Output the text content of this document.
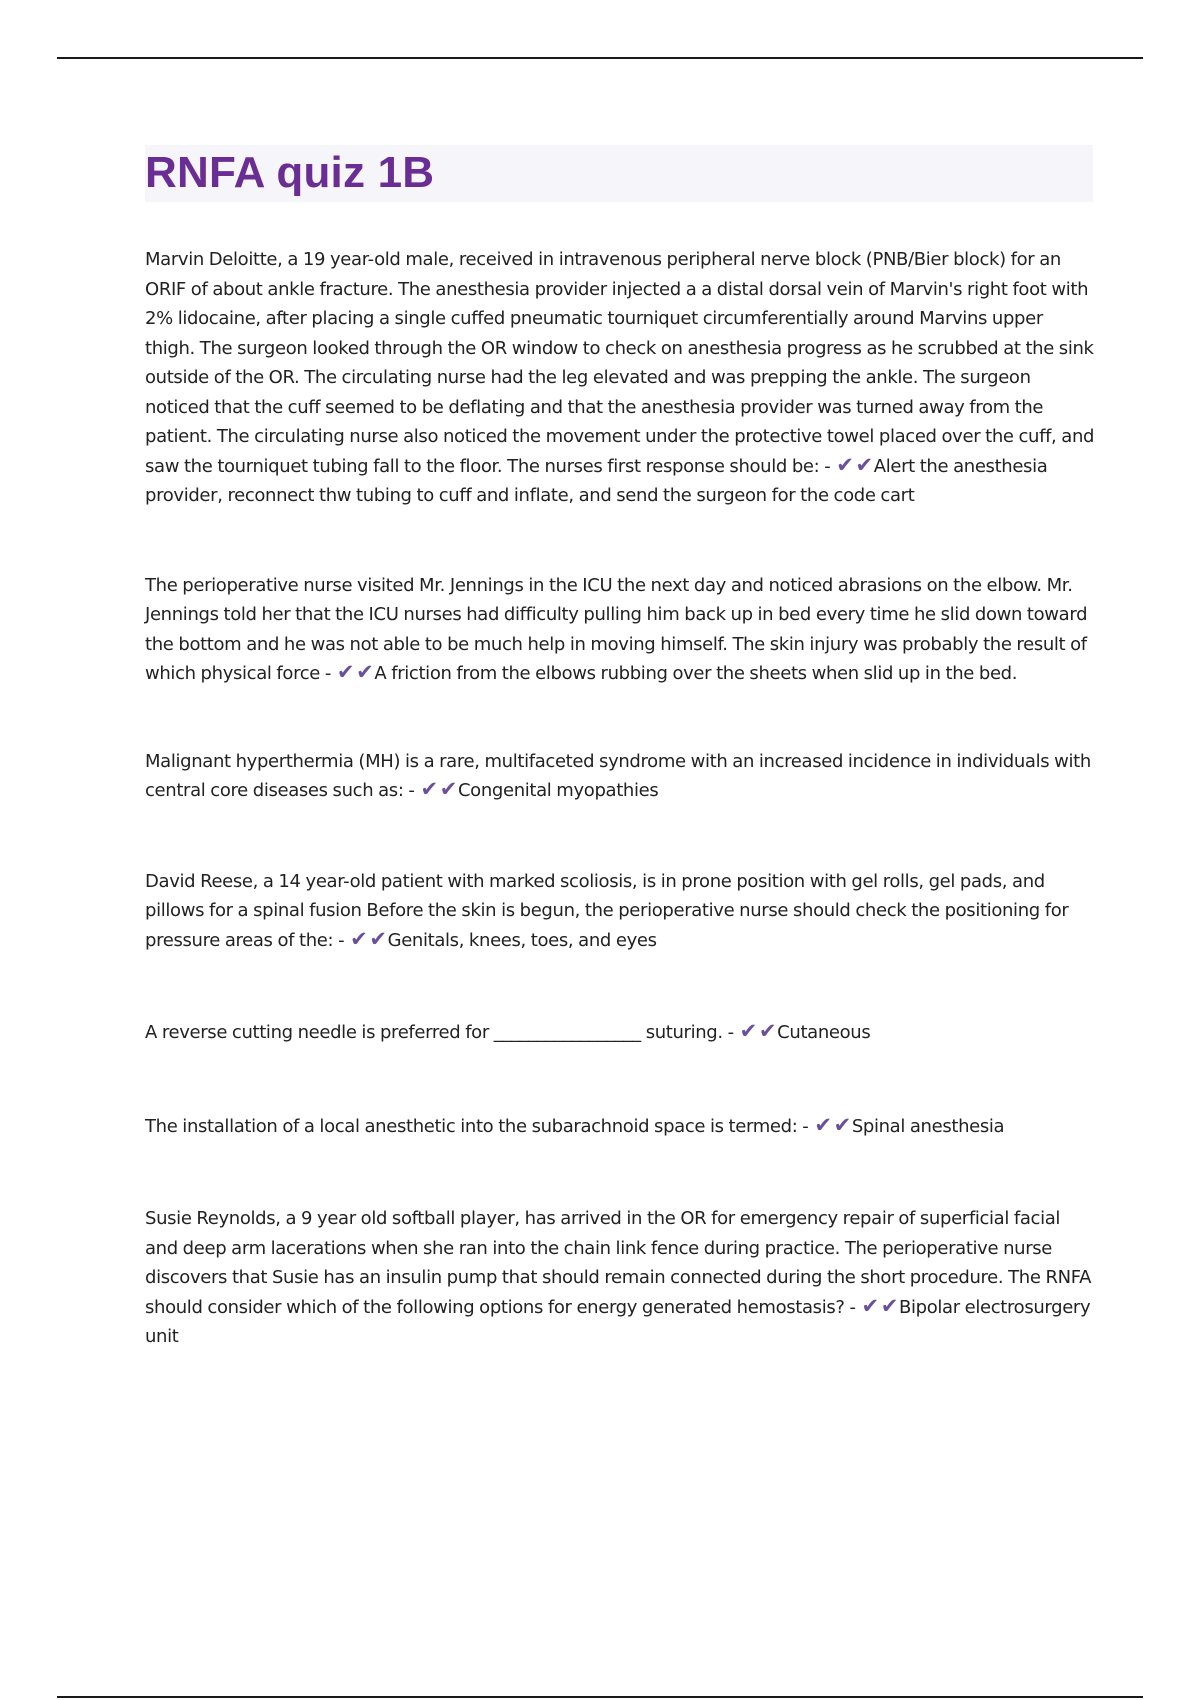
RNFA quiz 1B

Marvin Deloitte, a 19 year-old male, received in intravenous peripheral nerve block (PNB/Bier block) for an ORIF of about ankle fracture. The anesthesia provider injected a a distal dorsal vein of Marvin's right foot with 2% lidocaine, after placing a single cuffed pneumatic tourniquet circumferentially around Marvins upper thigh. The surgeon looked through the OR window to check on anesthesia progress as he scrubbed at the sink outside of the OR. The circulating nurse had the leg elevated and was prepping the ankle. The surgeon noticed that the cuff seemed to be deflating and that the anesthesia provider was turned away from the patient. The circulating nurse also noticed the movement under the protective towel placed over the cuff, and saw the tourniquet tubing fall to the floor. The nurses first response should be: - ✔✔Alert the anesthesia provider, reconnect thw tubing to cuff and inflate, and send the surgeon for the code cart

The perioperative nurse visited Mr. Jennings in the ICU the next day and noticed abrasions on the elbow. Mr. Jennings told her that the ICU nurses had difficulty pulling him back up in bed every time he slid down toward the bottom and he was not able to be much help in moving himself. The skin injury was probably the result of which physical force - ✔✔A friction from the elbows rubbing over the sheets when slid up in the bed.

Malignant hyperthermia (MH) is a rare, multifaceted syndrome with an increased incidence in individuals with central core diseases such as: - ✔✔Congenital myopathies

David Reese, a 14 year-old patient with marked scoliosis, is in prone position with gel rolls, gel pads, and pillows for a spinal fusion Before the skin is begun, the perioperative nurse should check the positioning for pressure areas of the: - ✔✔Genitals, knees, toes, and eyes

A reverse cutting needle is preferred for _________________ suturing. - ✔✔Cutaneous

The installation of a local anesthetic into the subarachnoid space is termed: - ✔✔Spinal anesthesia

Susie Reynolds, a 9 year old softball player, has arrived in the OR for emergency repair of superficial facial and deep arm lacerations when she ran into the chain link fence during practice. The perioperative nurse discovers that Susie has an insulin pump that should remain connected during the short procedure. The RNFA should consider which of the following options for energy generated hemostasis? - ✔✔Bipolar electrosurgery unit
